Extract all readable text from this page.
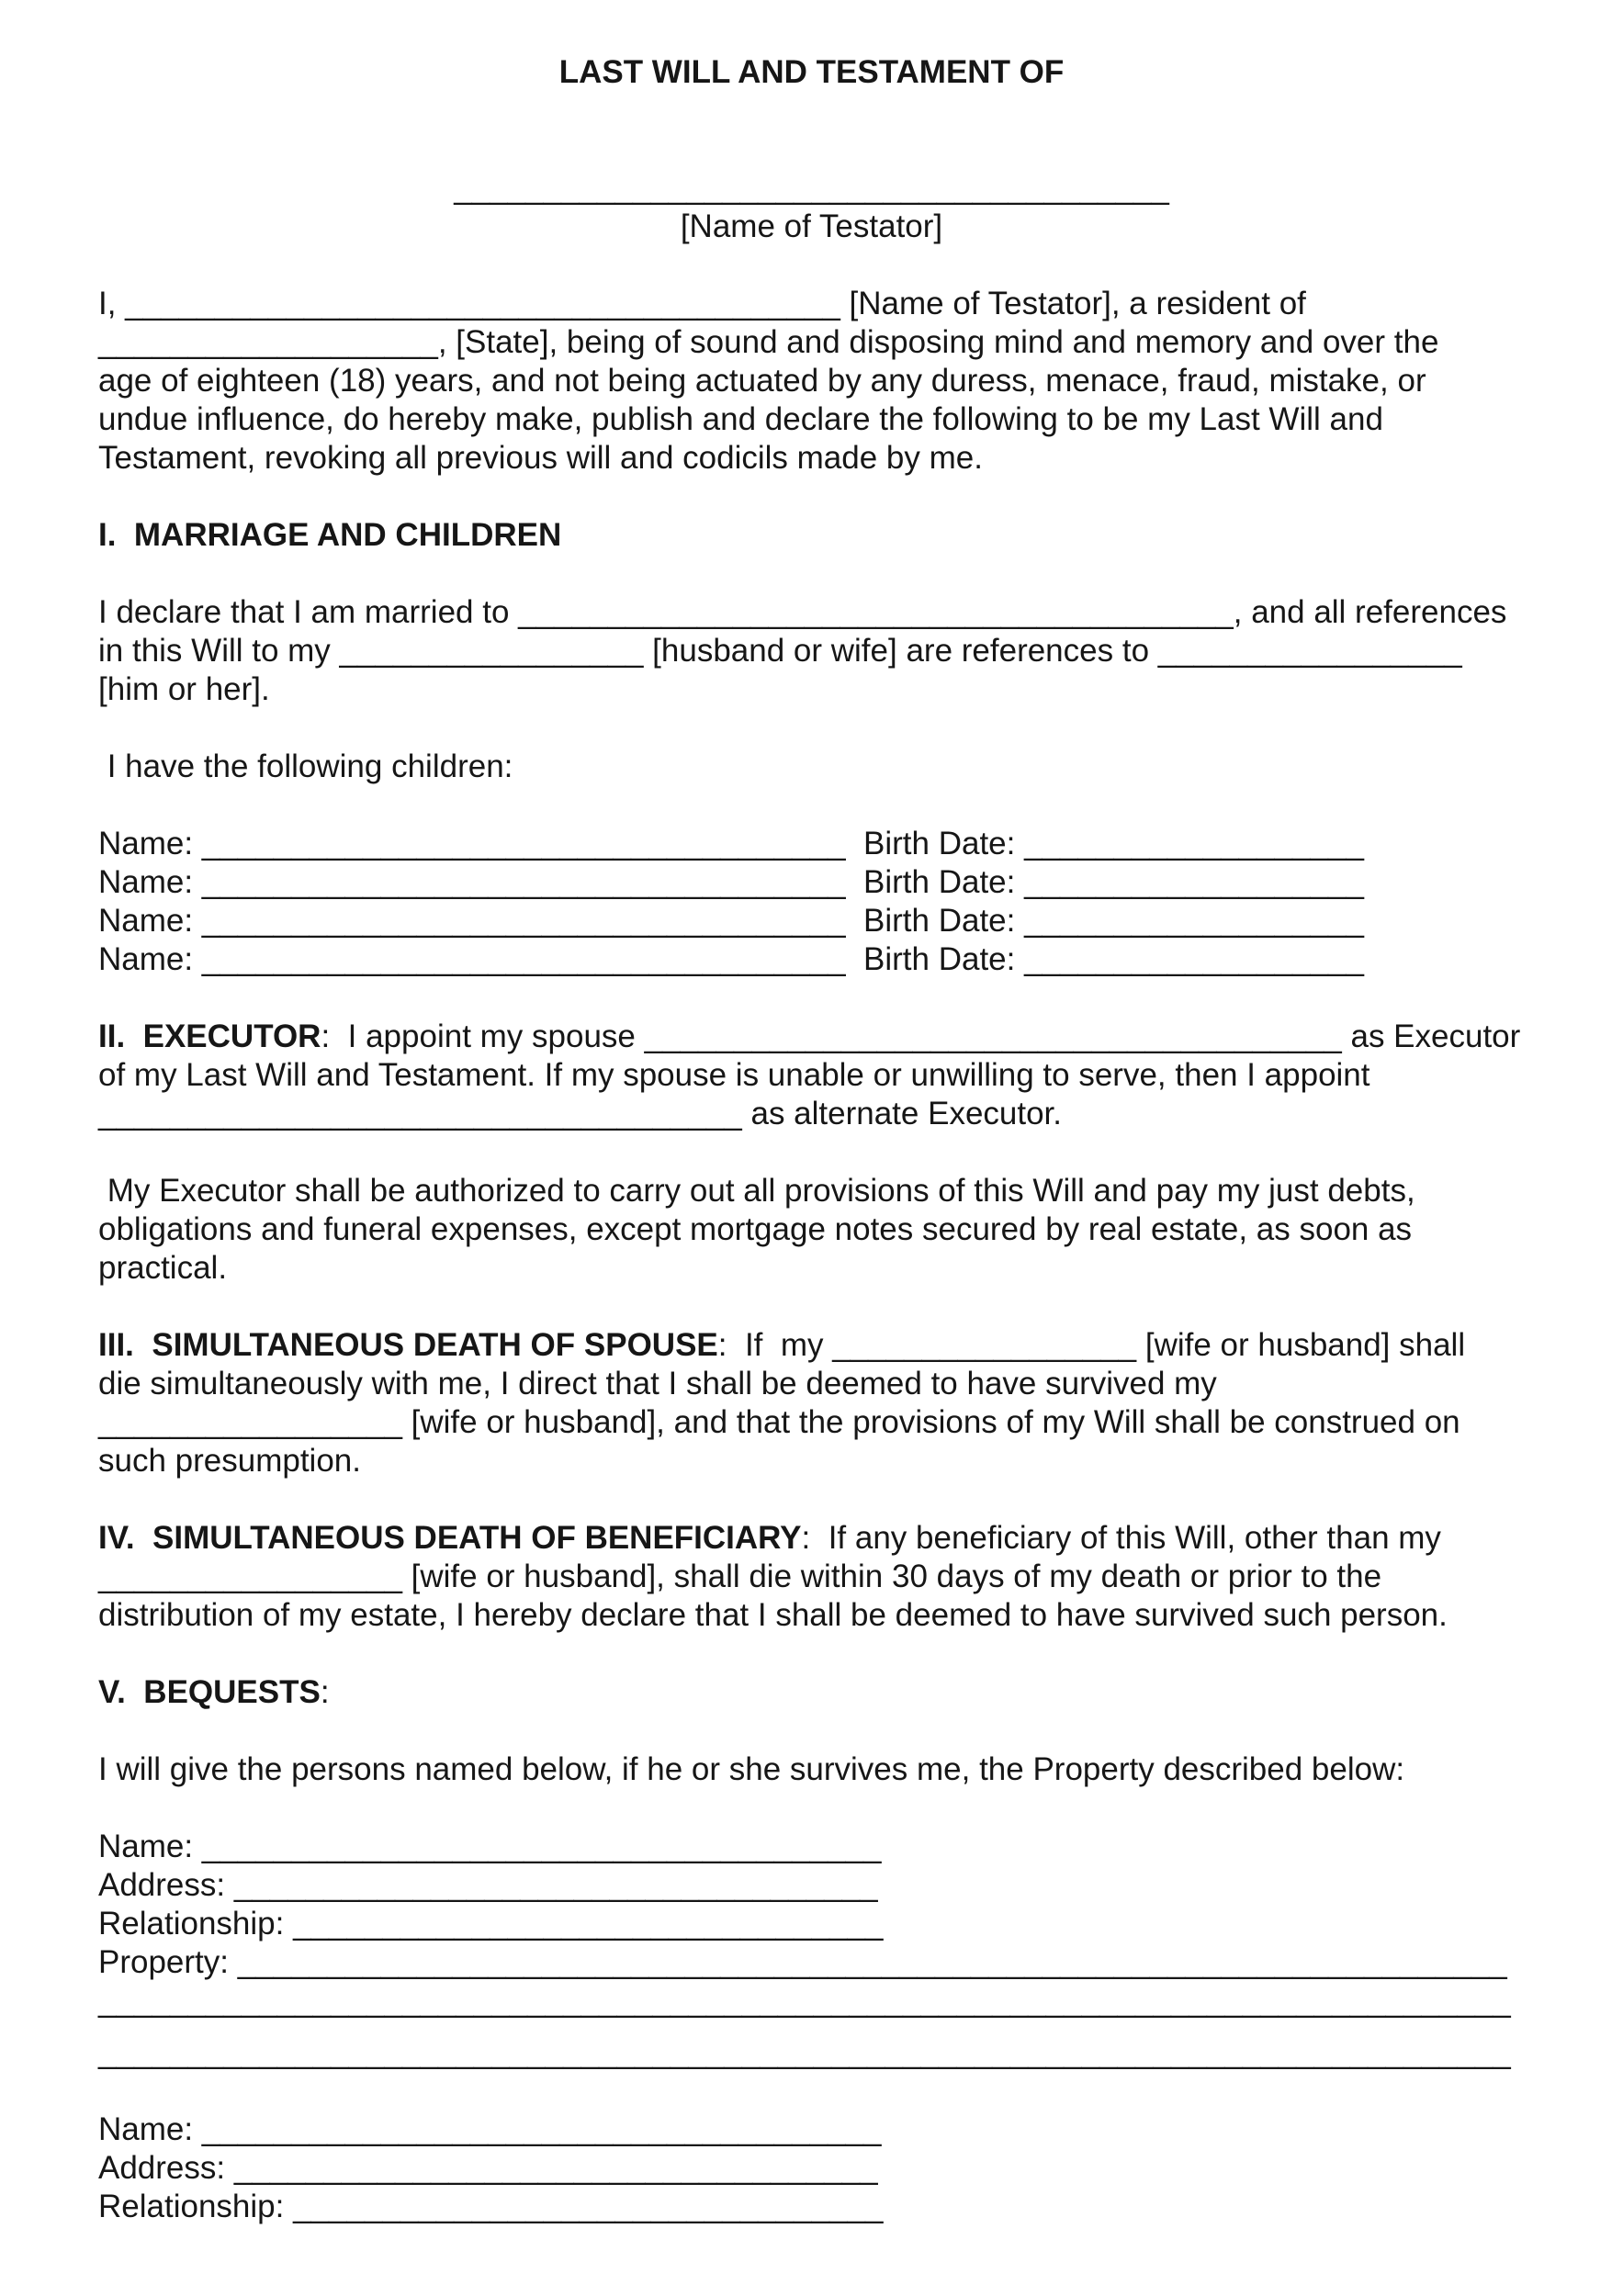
LAST WILL AND TESTAMENT OF
________________________________________
[Name of Testator]
I, ________________________________________ [Name of Testator], a resident of
___________________, [State], being of sound and disposing mind and memory and over the
age of eighteen (18) years, and not being actuated by any duress, menace, fraud, mistake, or
undue influence, do hereby make, publish and declare the following to be my Last Will and
Testament, revoking all previous will and codicils made by me.
I.  MARRIAGE AND CHILDREN
I declare that I am married to ________________________________________, and all references
in this Will to my _________________ [husband or wife] are references to _________________
[him or her].
I have the following children:
Name: ____________________________________  Birth Date: ___________________
Name: ____________________________________  Birth Date: ___________________
Name: ____________________________________  Birth Date: ___________________
Name: ____________________________________  Birth Date: ___________________
II.  EXECUTOR:  I appoint my spouse _______________________________________ as Executor
of my Last Will and Testament. If my spouse is unable or unwilling to serve, then I appoint
____________________________________ as alternate Executor.
My Executor shall be authorized to carry out all provisions of this Will and pay my just debts,
obligations and funeral expenses, except mortgage notes secured by real estate, as soon as
practical.
III.  SIMULTANEOUS DEATH OF SPOUSE:  If  my _________________ [wife or husband] shall
die simultaneously with me, I direct that I shall be deemed to have survived my
_________________ [wife or husband], and that the provisions of my Will shall be construed on
such presumption.
IV.  SIMULTANEOUS DEATH OF BENEFICIARY:  If any beneficiary of this Will, other than my
_________________ [wife or husband], shall die within 30 days of my death or prior to the
distribution of my estate, I hereby declare that I shall be deemed to have survived such person.
V.  BEQUESTS:
I will give the persons named below, if he or she survives me, the Property described below:
Name: ______________________________________
Address: ____________________________________
Relationship: _________________________________
Property: _______________________________________________________________________
_______________________________________________________________________________
_______________________________________________________________________________
Name: ______________________________________
Address: ____________________________________
Relationship: _________________________________
